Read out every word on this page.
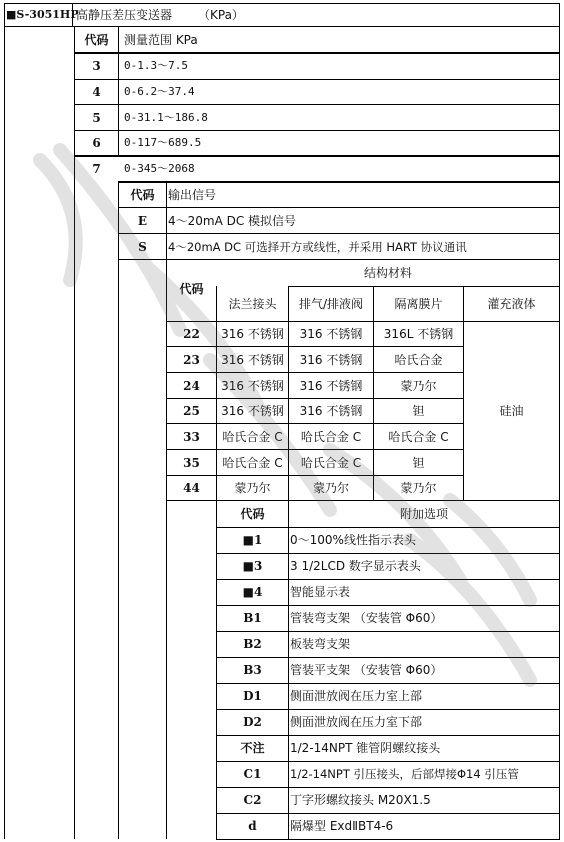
■S-3051HP
高静压差压变送器 （KPa）
代码	测量范围 KPa
3	0-1.3～7.5
4	0-6.2～37.4
5	0-31.1～186.8
6	0-117～689.5
7	0-345～2068
代码	输出信号
E	4～20mA DC 模拟信号
S	4～20mA DC 可选择开方或线性，并采用 HART 协议通讯
代码
结构材料
法兰接头	排气/排液阀	隔离膜片	灌充液体
硅油
22	316 不锈钢	316 不锈钢	316L 不锈钢
23	316 不锈钢	316 不锈钢	哈氏合金
24	316 不锈钢	316 不锈钢	蒙乃尔
25	316 不锈钢	316 不锈钢	钽
33	哈氏合金 C	哈氏合金 C	哈氏合金 C
35	哈氏合金 C	哈氏合金 C	钽
44	蒙乃尔	蒙乃尔	蒙乃尔
代码	附加选项
■1	0～100%线性指示表头
■3	3 1/2LCD 数字显示表头
■4	智能显示表
B1	管装弯支架 （安装管 Φ60）
B2	板装弯支架
B3	管装平支架 （安装管 Φ60）
D1	侧面泄放阀在压力室上部
D2	侧面泄放阀在压力室下部
不注	1/2-14NPT 锥管阴螺纹接头
C1	1/2-14NPT 引压接头，后部焊接Φ14 引压管
C2	丁字形螺纹接头 M20X1.5
d	隔爆型 ExdⅡBT4-6
